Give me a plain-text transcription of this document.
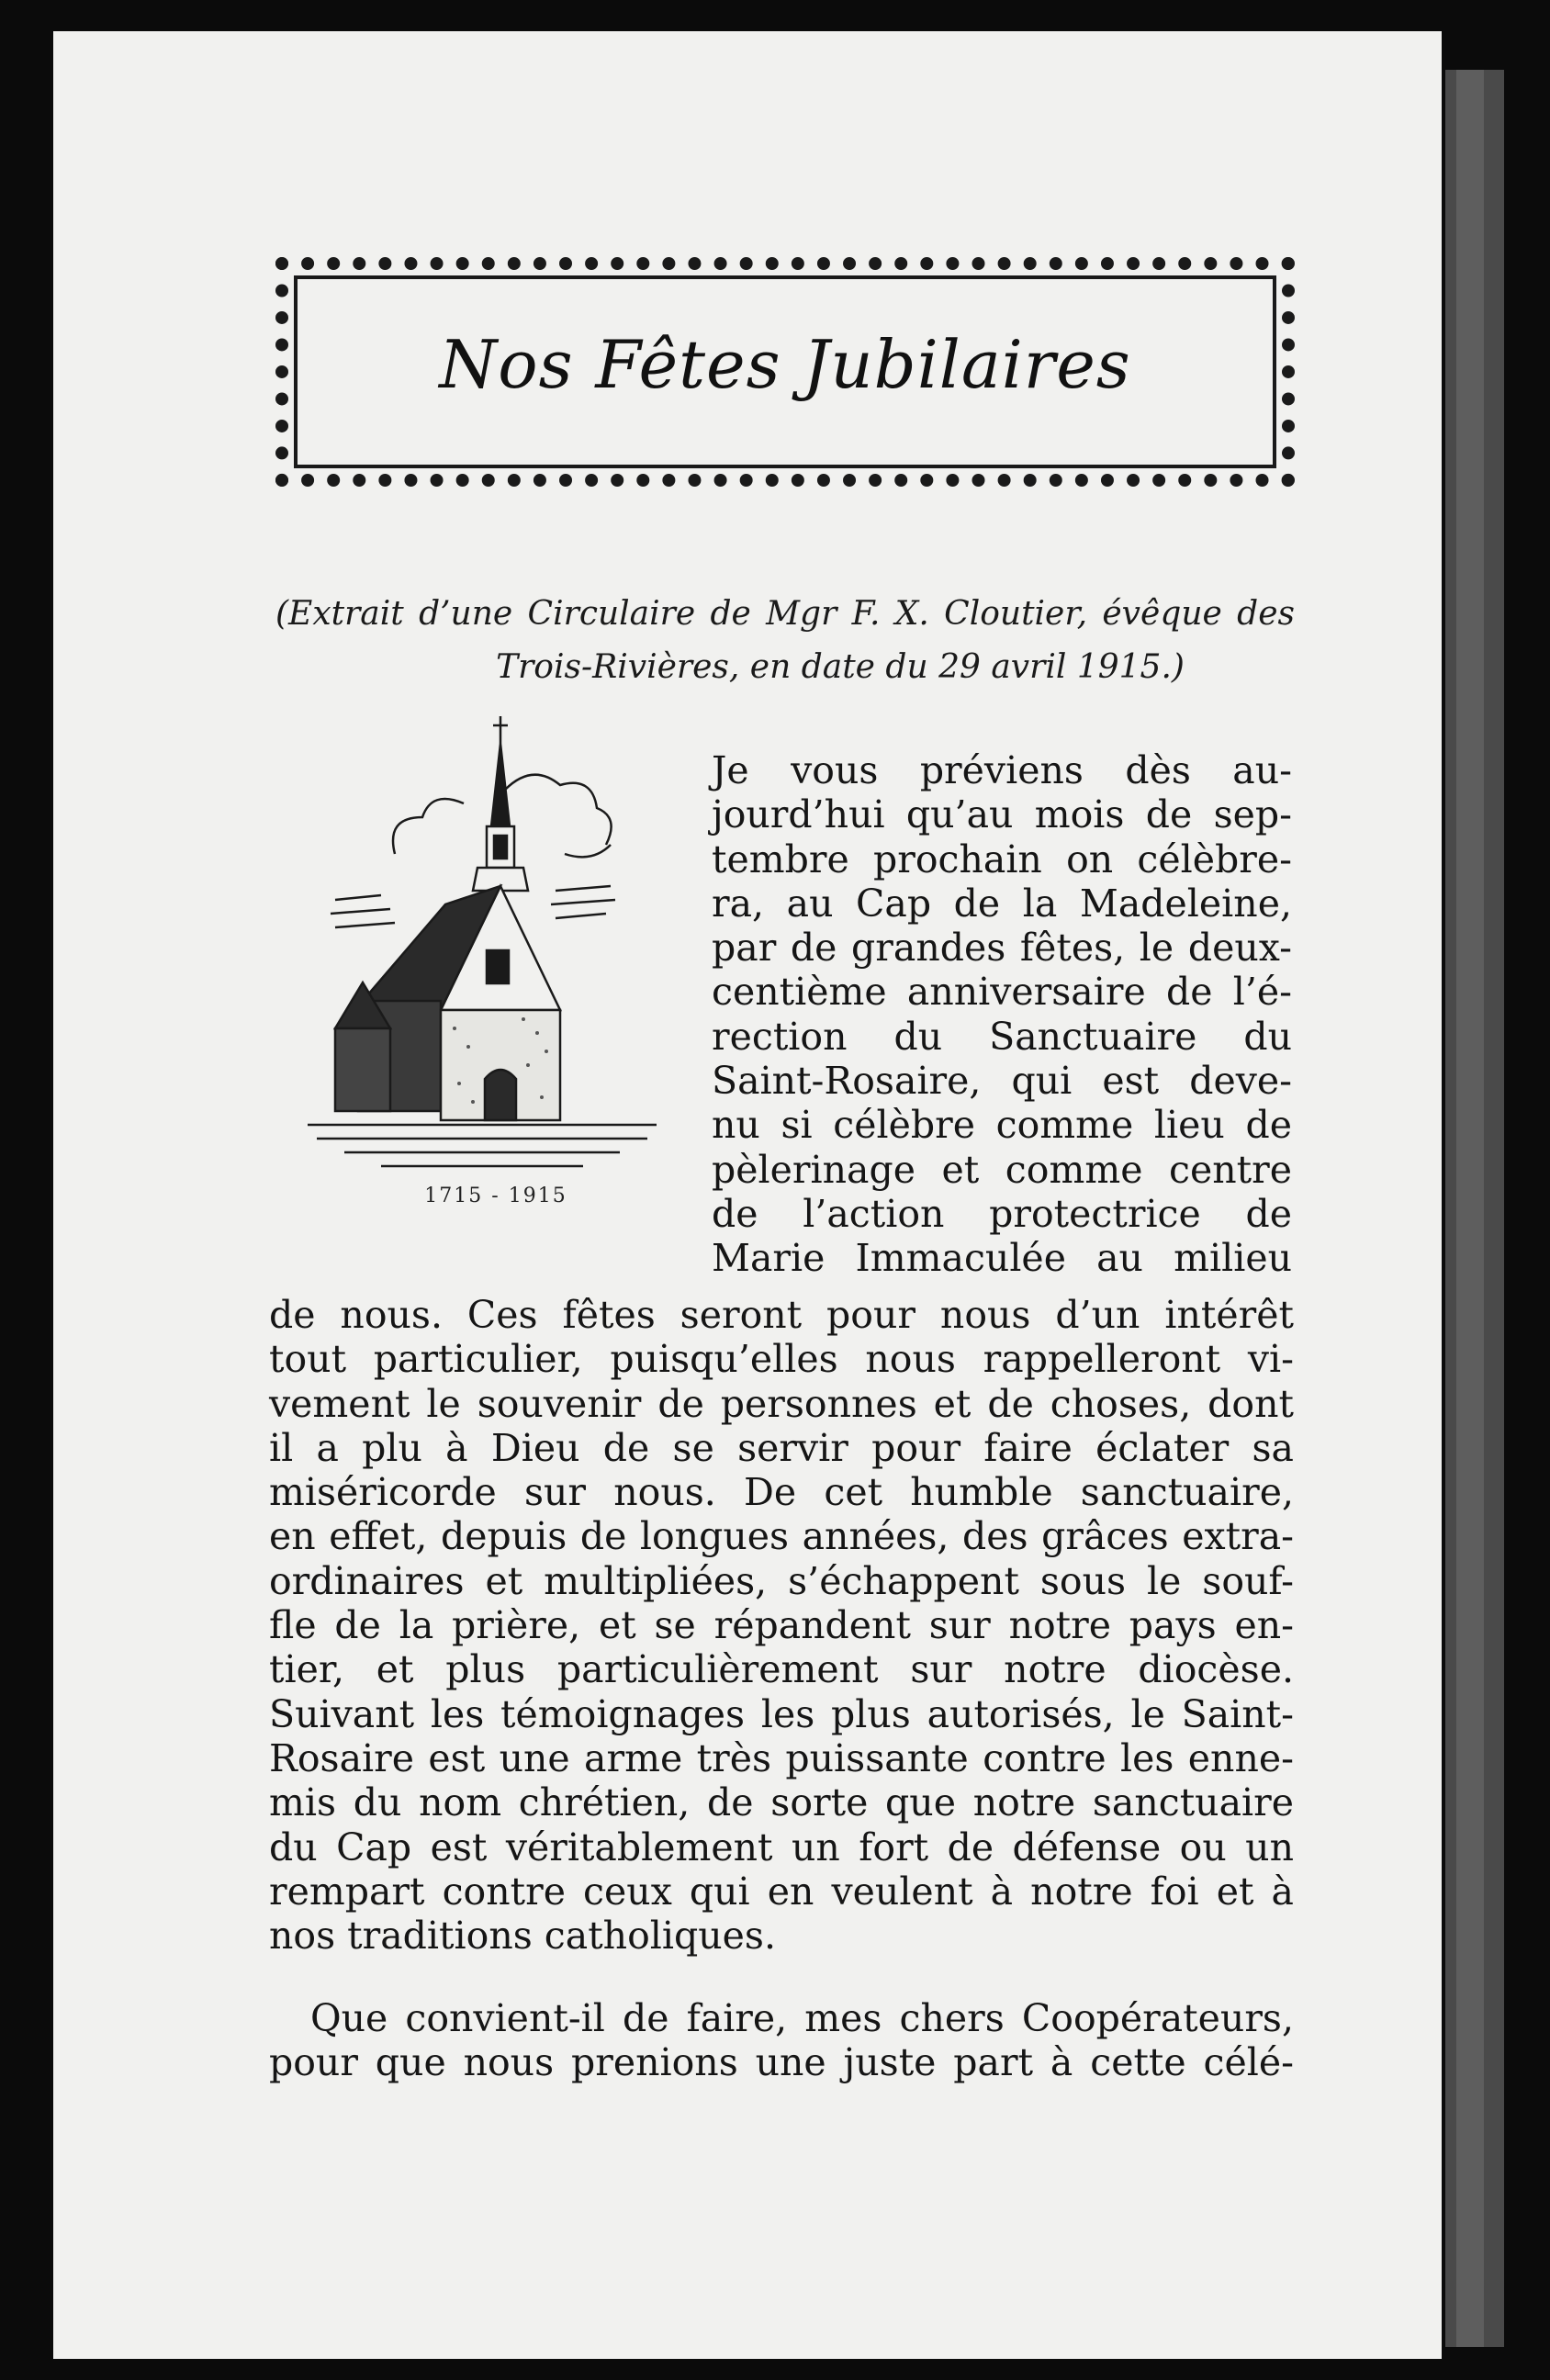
Nos Fêtes Jubilaires
(Extrait d’une Circulaire de Mgr F. X. Cloutier, évêque des
Trois-Rivières, en date du 29 avril 1915.)
1715 - 1915
Je vous préviens dès au-
jourd’hui qu’au mois de sep-
tembre prochain on célèbre-
ra, au Cap de la Madeleine,
par de grandes fêtes, le deux-
centième anniversaire de l’é-
rection du Sanctuaire du
Saint-Rosaire, qui est deve-
nu si célèbre comme lieu de
pèlerinage et comme centre
de l’action protectrice de
Marie Immaculée au milieu
de nous. Ces fêtes seront pour nous d’un intérêt
tout particulier, puisqu’elles nous rappelleront vi-
vement le souvenir de personnes et de choses, dont
il a plu à Dieu de se servir pour faire éclater sa
miséricorde sur nous. De cet humble sanctuaire,
en effet, depuis de longues années, des grâces extra-
ordinaires et multipliées, s’échappent sous le souf-
fle de la prière, et se répandent sur notre pays en-
tier, et plus particulièrement sur notre diocèse.
Suivant les témoignages les plus autorisés, le Saint-
Rosaire est une arme très puissante contre les enne-
mis du nom chrétien, de sorte que notre sanctuaire
du Cap est véritablement un fort de défense ou un
rempart contre ceux qui en veulent à notre foi et à
nos traditions catholiques.
Que convient-il de faire, mes chers Coopérateurs,
pour que nous prenions une juste part à cette célé-
